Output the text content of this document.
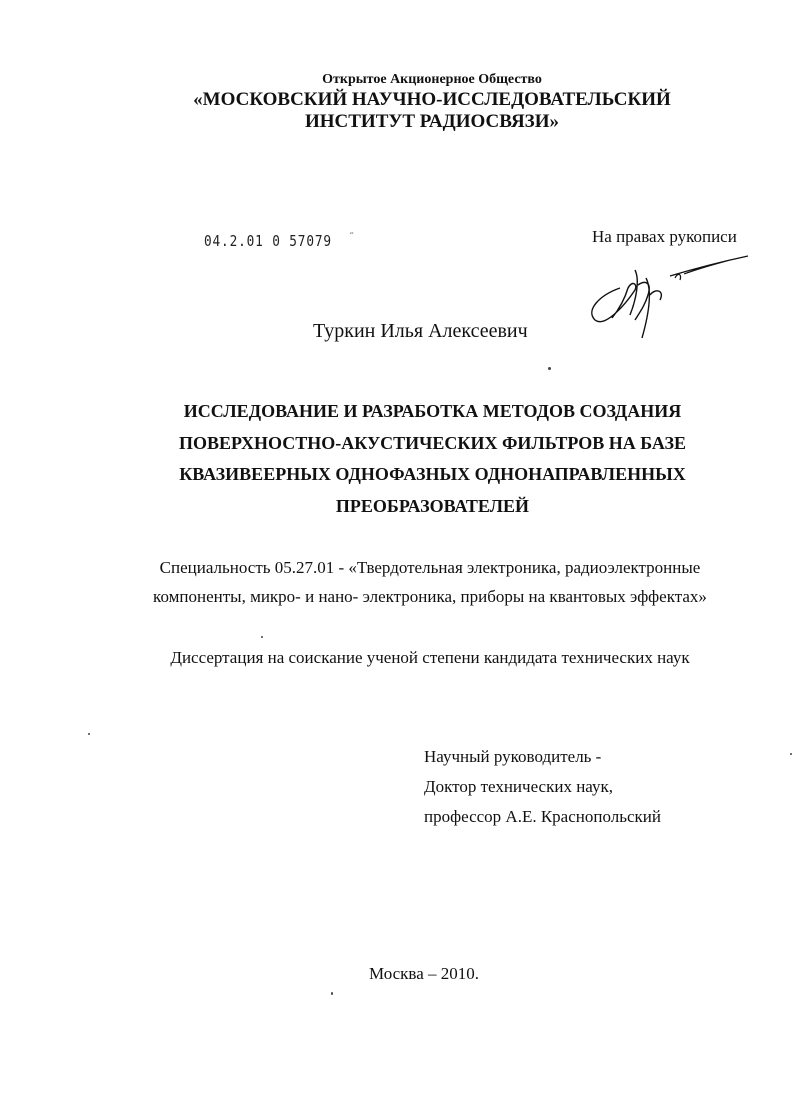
Открытое Акционерное Общество
«МОСКОВСКИЙ НАУЧНО-ИССЛЕДОВАТЕЛЬСКИЙ
ИНСТИТУТ РАДИОСВЯЗИ»
04.2.01 0 57079 ˝	На правах рукописи
Туркин Илья Алексеевич
ИССЛЕДОВАНИЕ И РАЗРАБОТКА МЕТОДОВ СОЗДАНИЯ
ПОВЕРХНОСТНО-АКУСТИЧЕСКИХ ФИЛЬТРОВ НА БАЗЕ
КВАЗИВЕЕРНЫХ ОДНОФАЗНЫХ ОДНОНАПРАВЛЕННЫХ
ПРЕОБРАЗОВАТЕЛЕЙ
Специальность 05.27.01 - «Твердотельная электроника, радиоэлектронные
компоненты, микро- и нано- электроника, приборы на квантовых эффектах»
Диссертация на соискание ученой степени кандидата технических наук
Научный руководитель -
Доктор технических наук,
профессор А.Е. Краснопольский
Москва – 2010.
